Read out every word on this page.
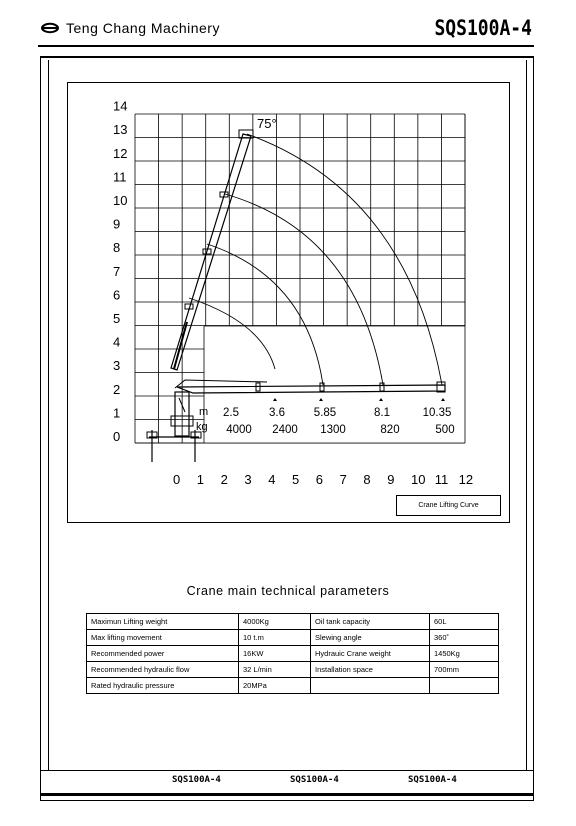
Teng Chang Machinery	SQS100A-4
0
1
2
3
4
5
6
7
8
9
10
11
12
13
14
0 1 2 3 4 5 6 7 8 9 10 11 12
75°
m
kg
2.5	3.6	5.85	8.1	10.35
4000 2400 1300	820	500
Crane Lifting Curve
Crane main technical parameters
Maximun Lifting weight	4000Kg	Oil tank capacity	60L
Max lifting movement	10 t.m	Slewing angle	360˚
Recommended power	16KW	Hydrauic Crane weight	1450Kg
Recommended hydraulic flow	32 L/min	Installation space	700mm
Rated hydraulic pressure	20MPa		
SQS100A-4	SQS100A-4	SQS100A-4
